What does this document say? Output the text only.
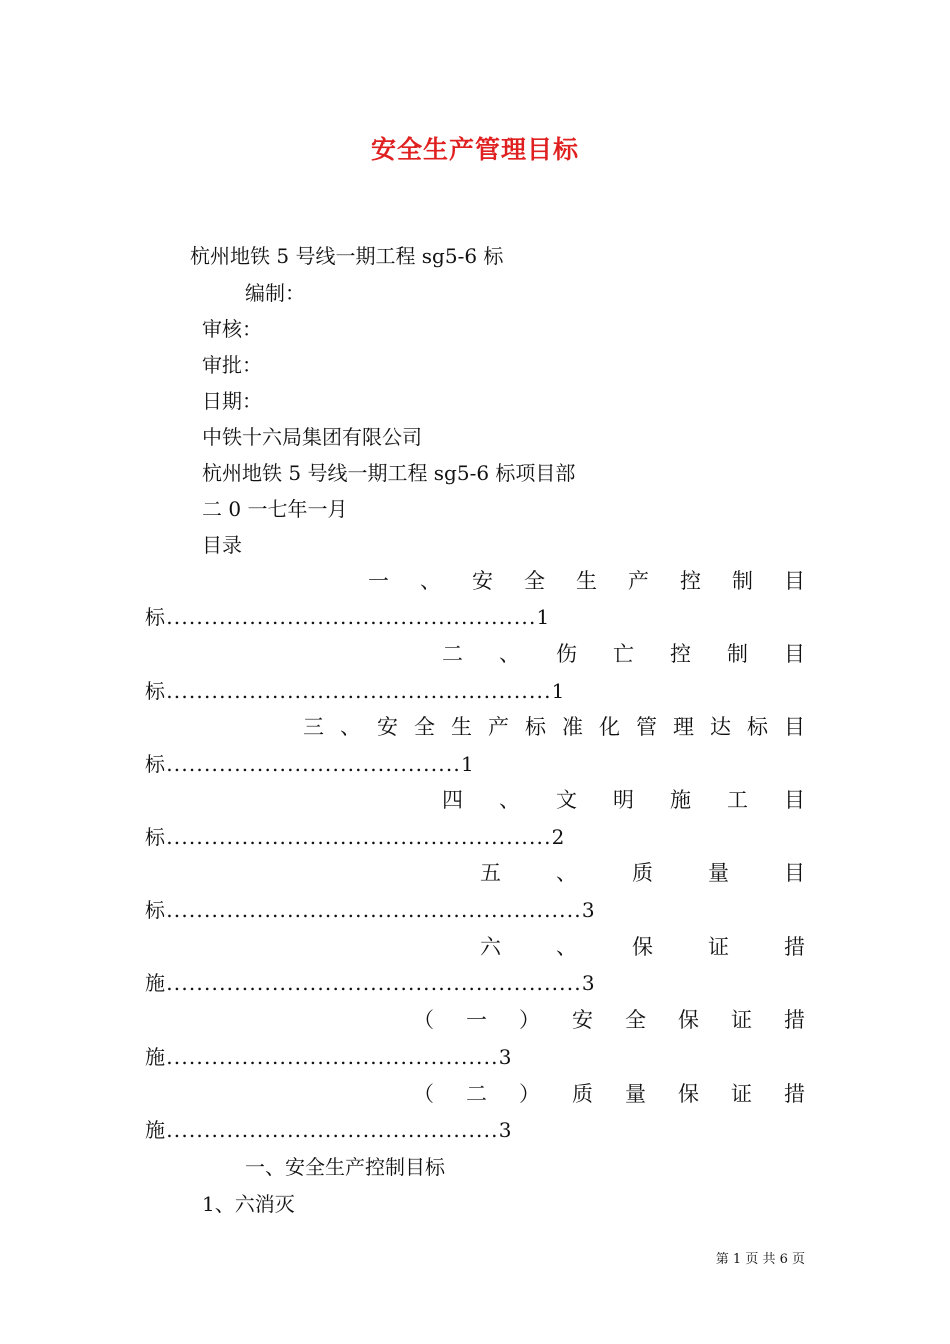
安全生产管理目标
杭州地铁 5 号线一期工程 sg5-6 标
编制：
审核：
审批：
日期：
中铁十六局集团有限公司
杭州地铁 5 号线一期工程 sg5-6 标项目部
二 0 一七年一月
目录
一、安全生产控制目
标.................................................1
二、伤亡控制目
标...................................................1
三、安全生产标准化管理达标目
标.......................................1
四、文明施工目
标...................................................2
五、质量目
标.......................................................3
六、保证措
施.......................................................3
（一）安全保证措
施............................................3
（二）质量保证措
施............................................3
一、安全生产控制目标
1、六消灭
第 1 页 共 6 页
